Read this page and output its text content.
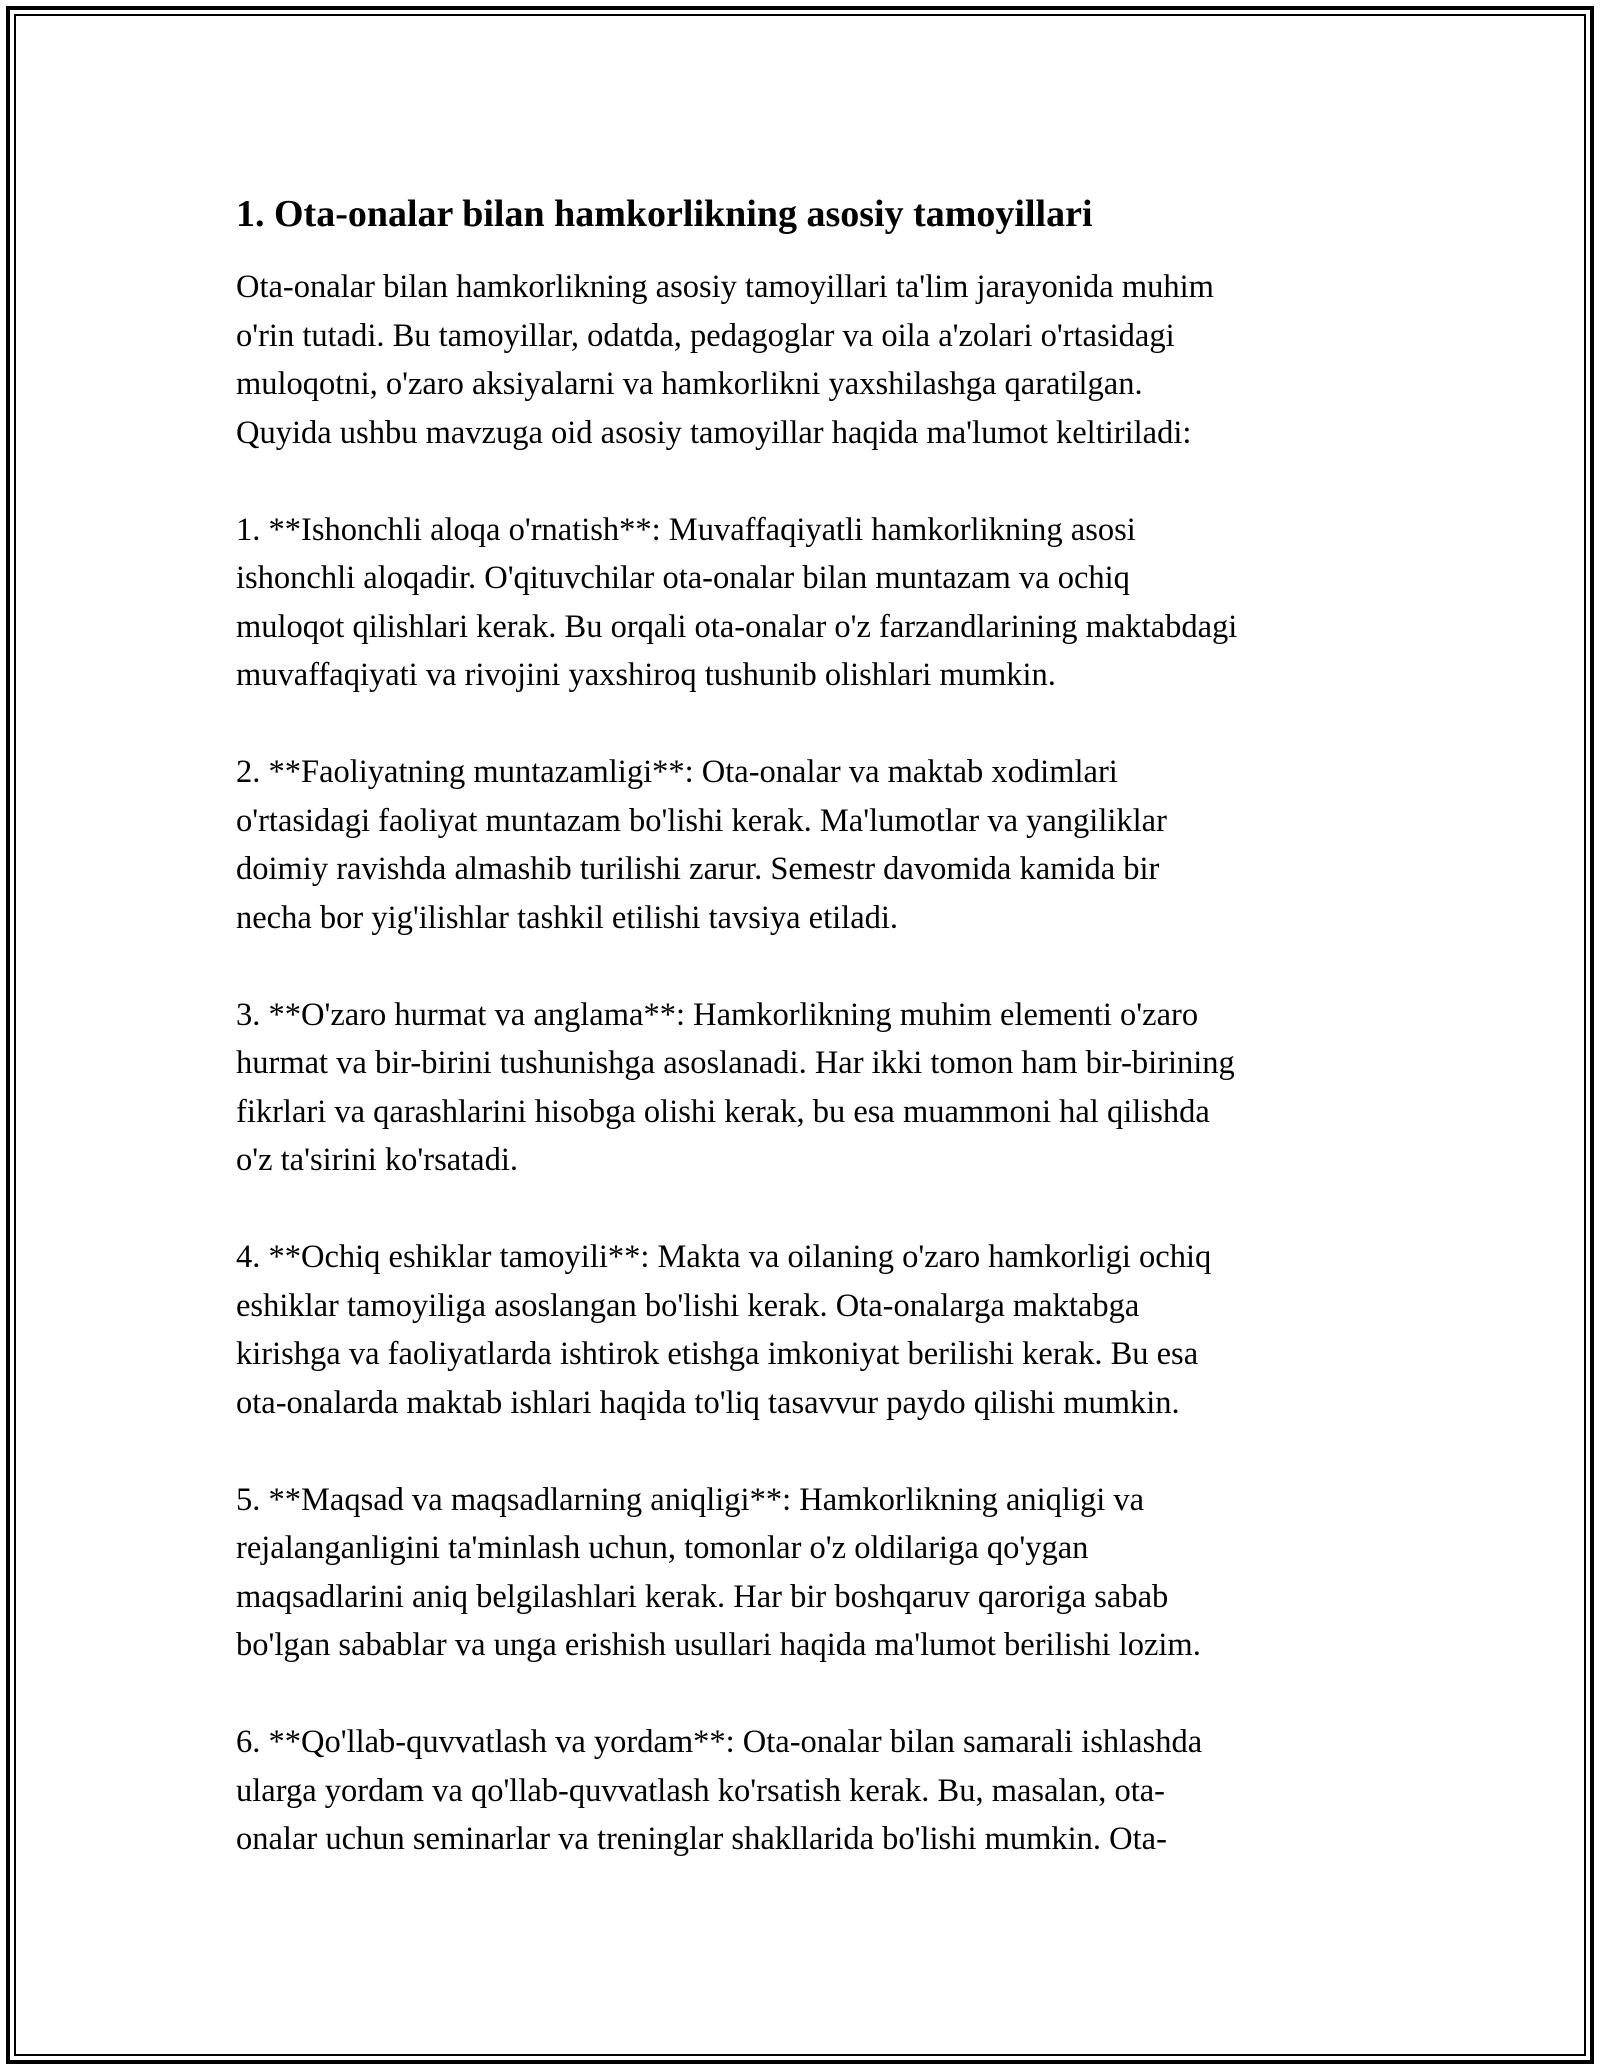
1. Ota-onalar bilan hamkorlikning asosiy tamoyillari

Ota-onalar bilan hamkorlikning asosiy tamoyillari ta'lim jarayonida muhim
o'rin tutadi. Bu tamoyillar, odatda, pedagoglar va oila a'zolari o'rtasidagi
muloqotni, o'zaro aksiyalarni va hamkorlikni yaxshilashga qaratilgan.
Quyida ushbu mavzuga oid asosiy tamoyillar haqida ma'lumot keltiriladi:

1. **Ishonchli aloqa o'rnatish**: Muvaffaqiyatli hamkorlikning asosi
ishonchli aloqadir. O'qituvchilar ota-onalar bilan muntazam va ochiq
muloqot qilishlari kerak. Bu orqali ota-onalar o'z farzandlarining maktabdagi
muvaffaqiyati va rivojini yaxshiroq tushunib olishlari mumkin.

2. **Faoliyatning muntazamligi**: Ota-onalar va maktab xodimlari
o'rtasidagi faoliyat muntazam bo'lishi kerak. Ma'lumotlar va yangiliklar
doimiy ravishda almashib turilishi zarur. Semestr davomida kamida bir
necha bor yig'ilishlar tashkil etilishi tavsiya etiladi.

3. **O'zaro hurmat va anglama**: Hamkorlikning muhim elementi o'zaro
hurmat va bir-birini tushunishga asoslanadi. Har ikki tomon ham bir-birining
fikrlari va qarashlarini hisobga olishi kerak, bu esa muammoni hal qilishda
o'z ta'sirini ko'rsatadi.

4. **Ochiq eshiklar tamoyili**: Makta va oilaning o'zaro hamkorligi ochiq
eshiklar tamoyiliga asoslangan bo'lishi kerak. Ota-onalarga maktabga
kirishga va faoliyatlarda ishtirok etishga imkoniyat berilishi kerak. Bu esa
ota-onalarda maktab ishlari haqida to'liq tasavvur paydo qilishi mumkin.

5. **Maqsad va maqsadlarning aniqligi**: Hamkorlikning aniqligi va
rejalanganligini ta'minlash uchun, tomonlar o'z oldilariga qo'ygan
maqsadlarini aniq belgilashlari kerak. Har bir boshqaruv qaroriga sabab
bo'lgan sabablar va unga erishish usullari haqida ma'lumot berilishi lozim.

6. **Qo'llab-quvvatlash va yordam**: Ota-onalar bilan samarali ishlashda
ularga yordam va qo'llab-quvvatlash ko'rsatish kerak. Bu, masalan, ota-
onalar uchun seminarlar va treninglar shakllarida bo'lishi mumkin. Ota-
